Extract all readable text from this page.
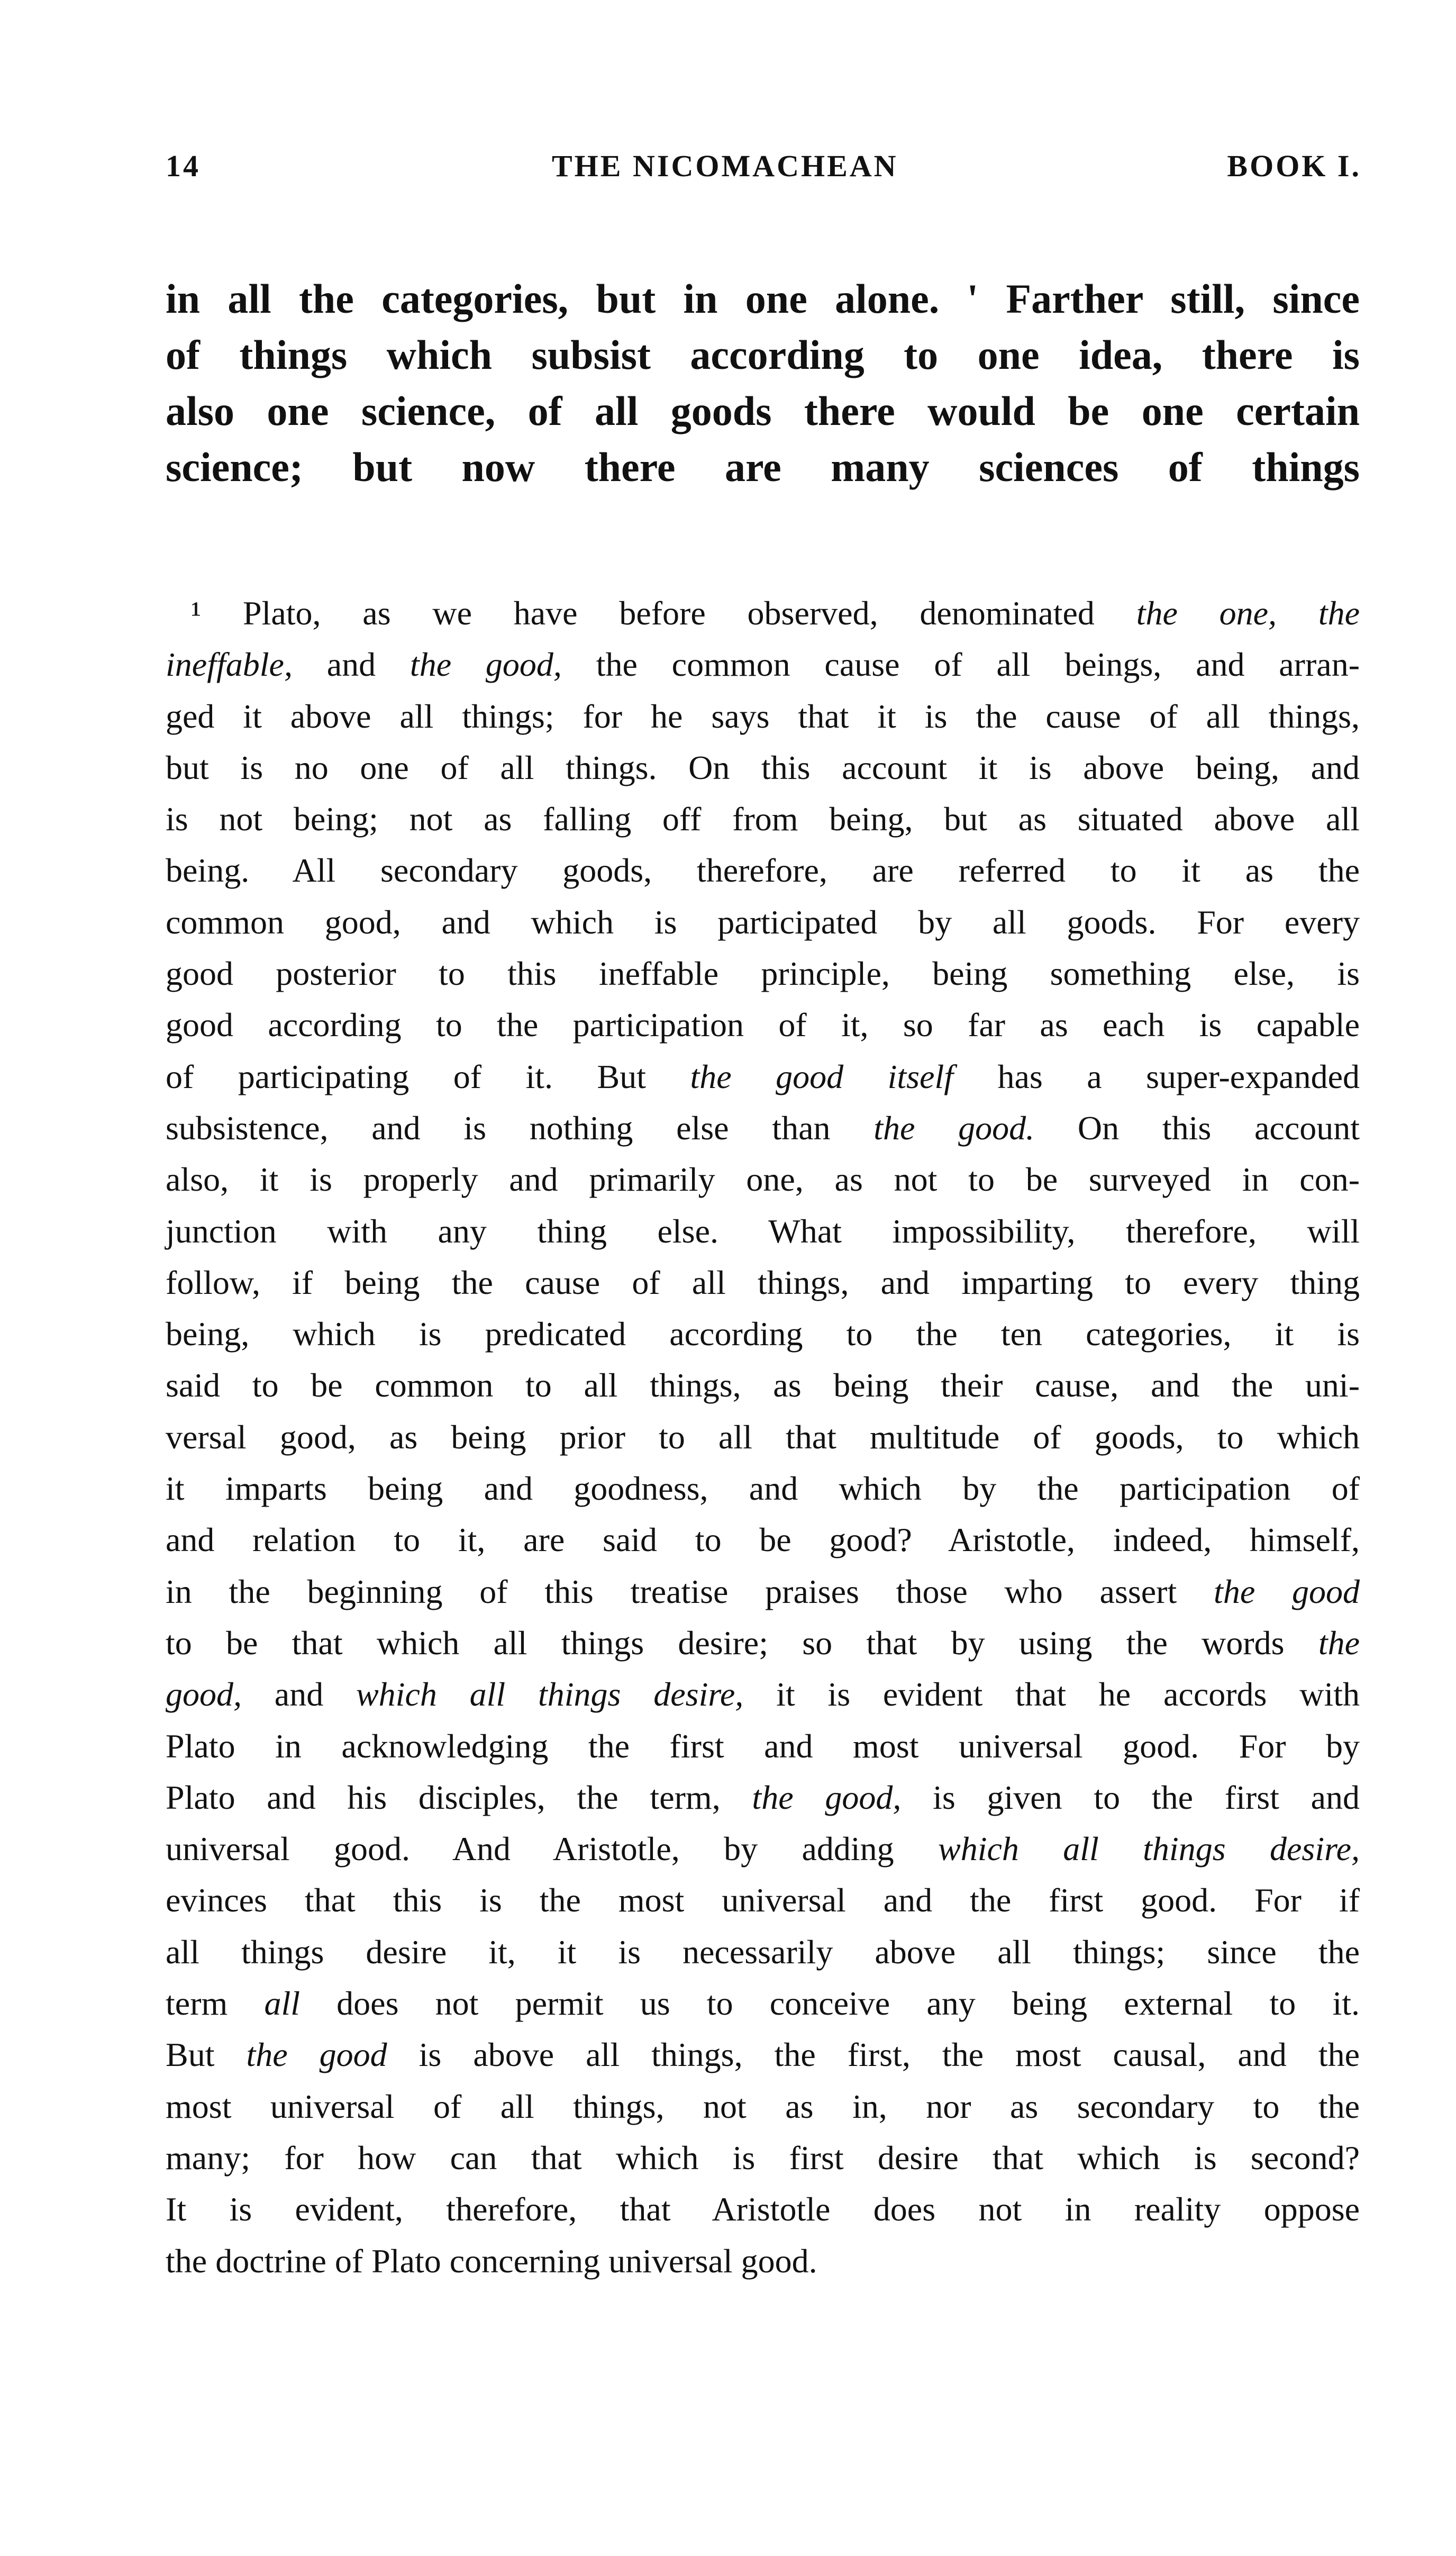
14	THE NICOMACHEAN	BOOK I.
in all the categories, but in one alone. ' Farther still, since
of things which subsist according to one idea, there is
also one science, of all goods there would be one certain
science; but now there are many sciences of things
¹ Plato, as we have before observed, denominated the one, the
ineffable, and the good, the common cause of all beings, and arran-
ged it above all things; for he says that it is the cause of all things,
but is no one of all things. On this account it is above being, and
is not being; not as falling off from being, but as situated above all
being. All secondary goods, therefore, are referred to it as the
common good, and which is participated by all goods. For every
good posterior to this ineffable principle, being something else, is
good according to the participation of it, so far as each is capable
of participating of it. But the good itself has a super-expanded
subsistence, and is nothing else than the good. On this account
also, it is properly and primarily one, as not to be surveyed in con-
junction with any thing else. What impossibility, therefore, will
follow, if being the cause of all things, and imparting to every thing
being, which is predicated according to the ten categories, it is
said to be common to all things, as being their cause, and the uni-
versal good, as being prior to all that multitude of goods, to which
it imparts being and goodness, and which by the participation of
and relation to it, are said to be good? Aristotle, indeed, himself,
in the beginning of this treatise praises those who assert the good
to be that which all things desire; so that by using the words the
good, and which all things desire, it is evident that he accords with
Plato in acknowledging the first and most universal good. For by
Plato and his disciples, the term, the good, is given to the first and
universal good. And Aristotle, by adding which all things desire,
evinces that this is the most universal and the first good. For if
all things desire it, it is necessarily above all things; since the
term all does not permit us to conceive any being external to it.
But the good is above all things, the first, the most causal, and the
most universal of all things, not as in, nor as secondary to the
many; for how can that which is first desire that which is second?
It is evident, therefore, that Aristotle does not in reality oppose
the doctrine of Plato concerning universal good.
